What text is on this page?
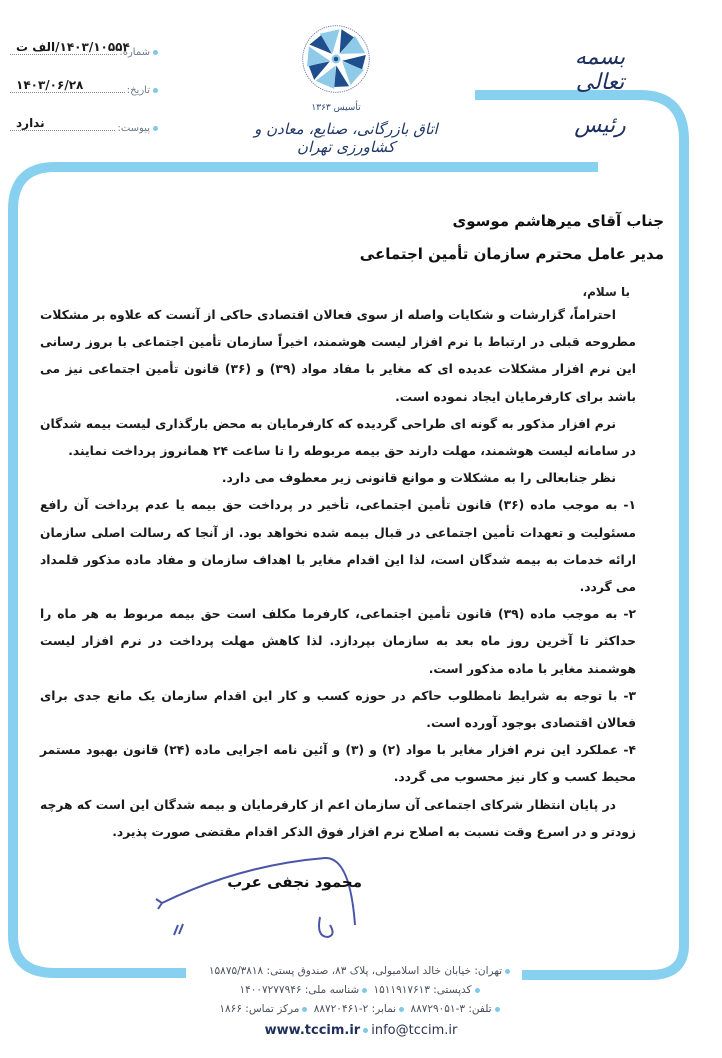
شماره:
۱۴۰۳/۱۰۵۵۴/الف ت
تاریخ:
۱۴۰۳/۰۶/۲۸
پیوست:
ندارد
تأسیس ۱۳۶۳
اتاق بازرگانی، صنایع، معادن و کشاورزی تهران
بسمه تعالی
رئیس
جناب آقای میرهاشم موسوی
مدیر عامل محترم سازمان تأمین اجتماعی
با سلام،

احتراماً، گزارشات و شکایات واصله از سوی فعالان اقتصادی حاکی از آنست که علاوه بر مشکلات مطروحه قبلی در ارتباط با نرم افزار لیست هوشمند، اخیراً سازمان تأمین اجتماعی با بروز رسانی این نرم افزار مشکلات عدیده ای که مغایر با مفاد مواد (۳۹) و (۳۶) قانون تأمین اجتماعی نیز می باشد برای کارفرمایان ایجاد نموده است.

نرم افزار مذکور به گونه ای طراحی گردیده که کارفرمایان به محض بارگذاری لیست بیمه شدگان در سامانه لیست هوشمند، مهلت دارند حق بیمه مربوطه را تا ساعت ۲۴ همانروز پرداخت نمایند.

نظر جنابعالی را به مشکلات و موانع قانونی زیر معطوف می دارد.

۱- به موجب ماده (۳۶) قانون تأمین اجتماعی، تأخیر در پرداخت حق بیمه یا عدم پرداخت آن رافع مسئولیت و تعهدات تأمین اجتماعی در قبال بیمه شده نخواهد بود. از آنجا که رسالت اصلی سازمان ارائه خدمات به بیمه شدگان است، لذا این اقدام مغایر با اهداف سازمان و مفاد ماده مذکور قلمداد می گردد.

۲- به موجب ماده (۳۹) قانون تأمین اجتماعی، کارفرما مکلف است حق بیمه مربوط به هر ماه را حداکثر تا آخرین روز ماه بعد به سازمان بپردازد. لذا کاهش مهلت پرداخت در نرم افزار لیست هوشمند مغایر با ماده مذکور است.

۳- با توجه به شرایط نامطلوب حاکم در حوزه کسب و کار این اقدام سازمان یک مانع جدی برای فعالان اقتصادی بوجود آورده است.

۴- عملکرد این نرم افزار مغایر با مواد (۲) و (۳) و آئین نامه اجرایی ماده (۲۴) قانون بهبود مستمر محیط کسب و کار نیز محسوب می گردد.

در پایان انتظار شرکای اجتماعی آن سازمان اعم از کارفرمایان و بیمه شدگان این است که هرچه زودتر و در اسرع وقت نسبت به اصلاح نرم افزار فوق الذکر اقدام مقتضی صورت پذیرد.

محمود نجفی عرب
تهران: خیابان خالد اسلامبولی، پلاک ۸۳، صندوق پستی: ۱۵۸۷۵/۳۸۱۸
کدپستی: ۱۵۱۱۹۱۷۶۱۳ شناسه ملی: ۱۴۰۰۷۲۷۷۹۴۶
تلفن: ۳-۸۸۷۲۹۰۵۱ نمابر: ۲-۸۸۷۲۰۴۶۱ مرکز تماس: ۱۸۶۶
www.tccim.ir info@tccim.ir
